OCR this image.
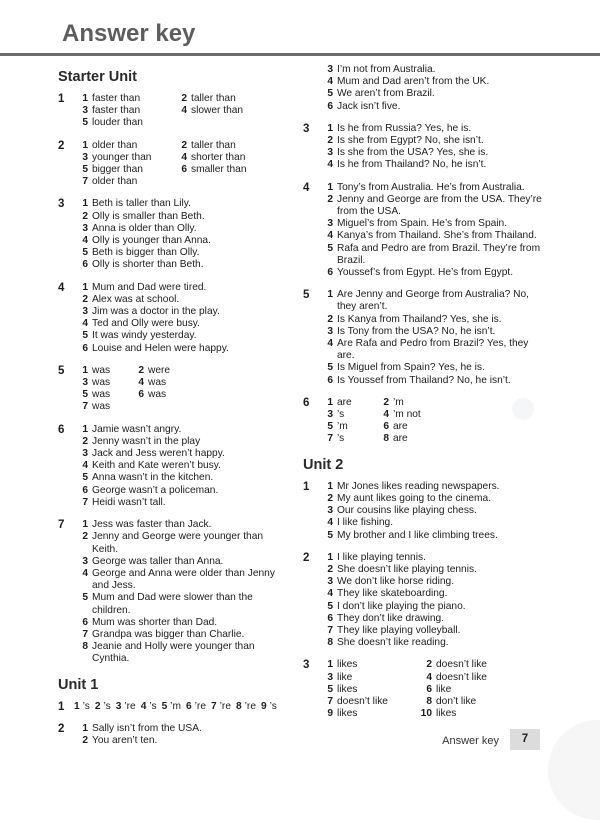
Answer key
Starter Unit
1	1 faster than	2 taller than
3 faster than	4 slower than
5 louder than
2	1 older than	2 taller than
3 younger than	4 shorter than
5 bigger than	6 smaller than
7 older than
3	1 Beth is taller than Lily.
2 Olly is smaller than Beth.
3 Anna is older than Olly.
4 Olly is younger than Anna.
5 Beth is bigger than Olly.
6 Olly is shorter than Beth.
4	1 Mum and Dad were tired.
2 Alex was at school.
3 Jim was a doctor in the play.
4 Ted and Olly were busy.
5 It was windy yesterday.
6 Louise and Helen were happy.
5	1 was	2 were
3 was	4 was
5 was	6 was
7 was
6	1 Jamie wasn’t angry.
2 Jenny wasn’t in the play
3 Jack and Jess weren’t happy.
4 Keith and Kate weren’t busy.
5 Anna wasn’t in the kitchen.
6 George wasn’t a policeman.
7 Heidi wasn’t tall.
7	1 Jess was faster than Jack.
2 Jenny and George were younger than Keith.
3 George was taller than Anna.
4 George and Anna were older than Jenny and Jess.
5 Mum and Dad were slower than the children.
6 Mum was shorter than Dad.
7 Grandpa was bigger than Charlie.
8 Jeanie and Holly were younger than Cynthia.
Unit 1
1 1 ’s 2 ’s 3 ’re 4 ’s 5 ’m 6 ’re 7 ’re 8 ’re 9 ’s
2	1 Sally isn’t from the USA.
2 You aren’t ten.
3 I’m not from Australia.
4 Mum and Dad aren’t from the UK.
5 We aren’t from Brazil.
6 Jack isn’t five.
3	1 Is he from Russia? Yes, he is.
2 Is she from Egypt? No, she isn’t.
3 Is she from the USA? Yes, she is.
4 Is he from Thailand? No, he isn’t.
4	1 Tony’s from Australia. He’s from Australia.
2 Jenny and George are from the USA. They’re from the USA.
3 Miguel’s from Spain. He’s from Spain.
4 Kanya’s from Thailand. She’s from Thailand.
5 Rafa and Pedro are from Brazil. They’re from Brazil.
6 Youssef’s from Egypt. He’s from Egypt.
5	1 Are Jenny and George from Australia? No, they aren’t.
2 Is Kanya from Thailand? Yes, she is.
3 Is Tony from the USA? No, he isn’t.
4 Are Rafa and Pedro from Brazil? Yes, they are.
5 Is Miguel from Spain? Yes, he is.
6 Is Youssef from Thailand? No, he isn’t.
6	1 are	2 ’m
3 ’s	4 ’m not
5 ’m	6 are
7 ’s	8 are
Unit 2
1	1 Mr Jones likes reading newspapers.
2 My aunt likes going to the cinema.
3 Our cousins like playing chess.
4 I like fishing.
5 My brother and I like climbing trees.
2	1 I like playing tennis.
2 She doesn’t like playing tennis.
3 We don’t like horse riding.
4 They like skateboarding.
5 I don’t like playing the piano.
6 They don’t like drawing.
7 They like playing volleyball.
8 She doesn’t like reading.
3	1 likes	2 doesn’t like
3 like	4 doesn’t like
5 likes	6 like
7 doesn’t like	8 don’t like
9 likes	10 likes
Answer key	7
